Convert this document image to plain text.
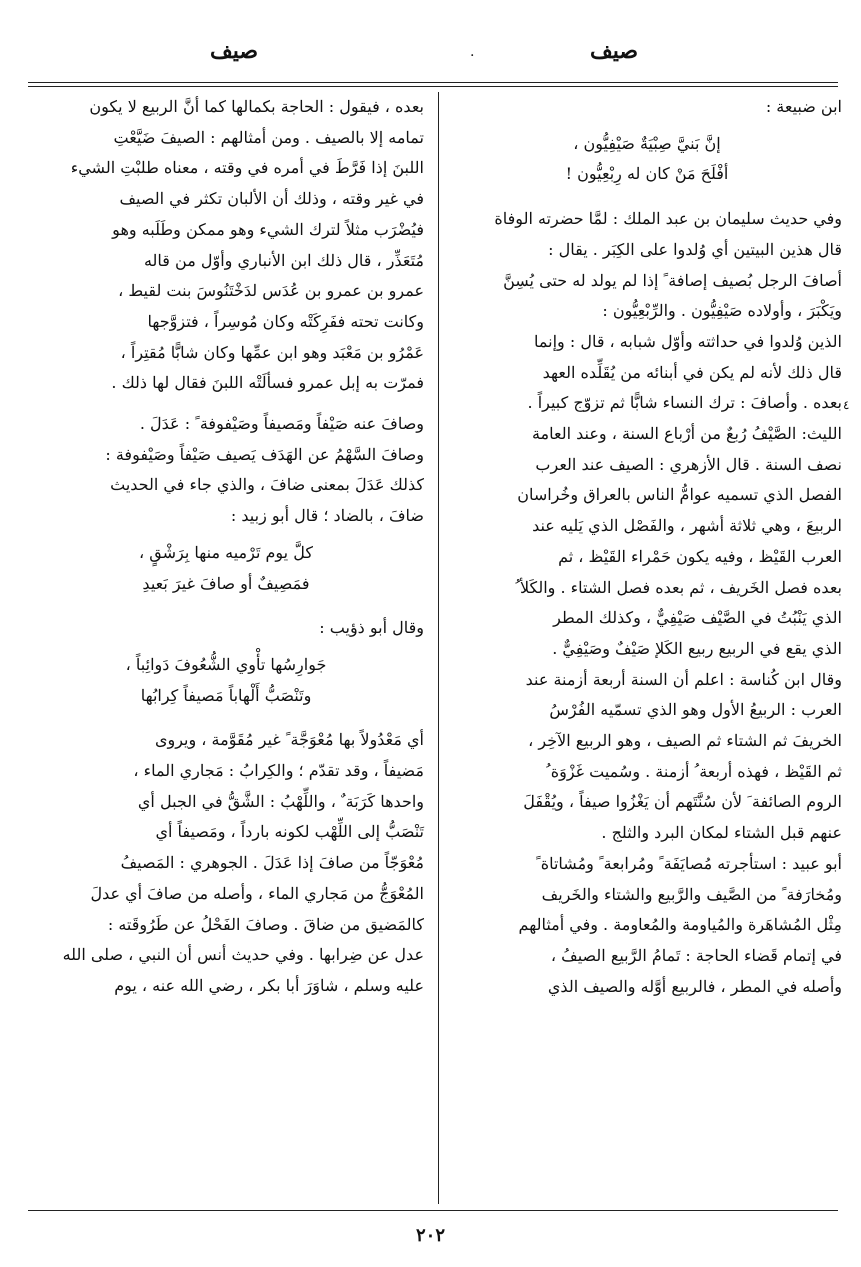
صيف
.
صيف
٤

ابن ضبيعة :

إنَّ بَنيَّ صِبْيَةٌ صَيْفِيُّون ،

أفْلَحَ مَنْ كان له رِبْعِيُّون !

وفي حديث سليمان بن عبد الملك : لمَّا حضرته الوفاة

قال هذين البيتين أي وُلدوا على الكِبَر . يقال :

أصافَ الرجل بُصيف إصافة ً إذا لم يولد له حتى يُسِنَّ

ويَكْبَرَ ، وأولاده صَيْفِيُّون . والرِّبْعِيُّون :

الذين وُلدوا في حداثته وأوّل شبابه ، قال : وإنما

قال ذلك لأنه لم يكن في أبنائه من يُقَلِّده العهد

بعده . وأصافَ : ترك النساء شابًّا ثم تزوّج كبيراً .

الليث: الصَّيْفُ رُبعٌ من أرْباع السنة ، وعند العامة

نصف السنة . قال الأزهري : الصيف عند العرب

الفصل الذي تسميه عوامُّ الناس بالعراق وخُراسان

الربيعَ ، وهي ثلاثة أشهر ، والفَصْل الذي يَليه عند

العرب القَيْظ ، وفيه يكون حَمْراء القَيْظ ، ثم

بعده فصل الخَريف ، ثم بعده فصل الشتاء . والكَلأ ُ

الذي يَنْبُتُ في الصَّيْف صَيْفِيٌّ ، وكذلك المطر

الذي يقع في الربيع ربيع الكَلإ صَيْفٌ وصَيْفِيٌّ .

وقال ابن كُناسة : اعلم أن السنة أربعة أزمنة عند

العرب : الربيعُ الأول وهو الذي تسمّيه الفُرْسُ

الخريفَ ثم الشتاء ثم الصيف ، وهو الربيع الآخِر ،

ثم القَيْظ ، فهذه أربعة ُ أزمنة . وسُميت غَزْوَة ُ

الروم الصائفة َ لأن سُنَّتَهم أن يَغْزُوا صيفاً ، ويُقْفَلَ

عنهم قبل الشتاء لمكان البرد والثلج .

أبو عبيد : استأجرته مُصايَفَة ً ومُرابعة ً ومُشاتاة ً

ومُخارَفة ً من الصَّيف والرَّبيع والشتاء والخَريف

مِثْل المُشاهَرة والمُياومة والمُعاومة . وفي أمثالهم

في إتمام قَضاء الحاجة : تَمامُ الرَّبيع الصيفُ ،

وأصله في المطر ، فالربيع أوَّله والصيف الذي

بعده ، فيقول : الحاجة بكمالها كما أنَّ الربيع لا يكون

تمامه إلا بالصيف . ومن أمثالهم : الصيفَ ضَيَّعْتِ

اللبنَ إذا فَرَّطَ في أمره في وقته ، معناه طلبْتِ الشيء

في غير وقته ، وذلك أن الألبان تكثر في الصيف

فيُضْرَب مثلاً لترك الشيء وهو ممكن وطَلَبه وهو

مُتَعَذِّر ، قال ذلك ابن الأنباري وأوّل من قاله

عمرو بن عمرو بن عُدَس لدَخْتَنُوسَ بنت لقيط ،

وكانت تحته ففَرِكَتْه وكان مُوسِراً ، فتزوَّجها

عَمْرُو بن مَعْبَد وهو ابن عمِّها وكان شابًّا مُقتِراً ،

فمرّت به إبل عمرو فسألَتْه اللبنَ فقال لها ذلك .

وصافَ عنه صَيْفاً ومَصيفاً وصَيْفوفة ً : عَدَلَ .

وصافَ السَّهْمُ عن الهَدَف يَصيف صَيْفاً وصَيْفوفة :

كذلك عَدَلَ بمعنى ضافَ ، والذي جاء في الحديث

ضافَ ، بالضاد ؛ قال أبو زبيد :

كلَّ يوم تَرْميه منها بِرَشْقٍ ،

فمَصِيفٌ أو صافَ غيرَ بَعيدِ

وقال أبو ذؤيب :

جَوارِسُها تأْوي الشُّعُوفَ دَوائِباً ،

وتَنْصَبُّ أَلْهاباً مَصيفاً كِرابُها

أي مَعْدُولاً بها مُعْوَجَّة ً غير مُقَوَّمة ، ويروى

مَضيفاً ، وقد تقدّم ؛ والكِرابُ : مَجاري الماء ،

واحدها كَرَبَة ٌ ، واللِّهْبُ : الشَّقُّ في الجبل أي

تَنْصَبُّ إلى اللِّهْب لكونه بارداً ، ومَصيفاً أي

مُعْوَجّاً من صافَ إذا عَدَلَ . الجوهري : المَصيفُ

المُعْوَجُّ من مَجاري الماء ، وأصله من صافَ أي عدلَ

كالمَضيق من ضاقَ . وصافَ الفَحْلُ عن طَرُوقَته :

عدل عن ضِرابها . وفي حديث أنس أن النبي ، صلى الله

عليه وسلم ، شاوَرَ أبا بكر ، رضي الله عنه ، يوم

٢٠٢
